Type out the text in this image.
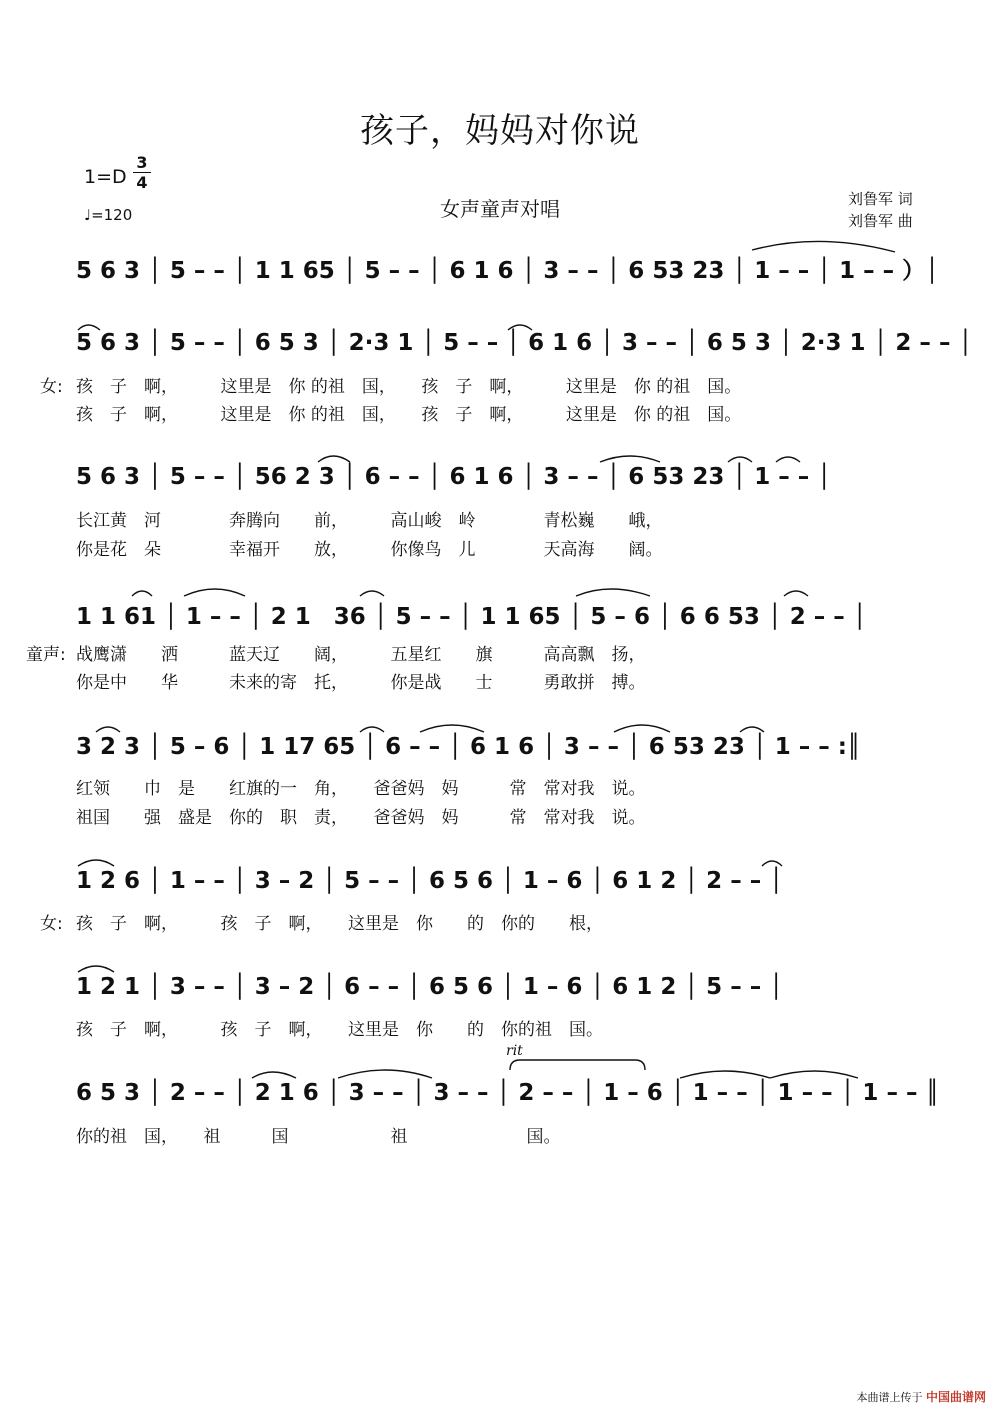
孩子，妈妈对你说
1=D
3
4
♩=120	女声童声对唱	刘鲁军 词
刘鲁军 曲
5 6 3 │ 5 – – │ 1 1 65 │ 5 – – │ 6 1 6 │ 3 – – │ 6 53 23 │ 1 – – │ 1 – – ）│
5 6 3 │ 5 – – │ 6 5 3 │ 2·3 1 │ 5 – – │ 6 1 6 │ 3 – – │ 6 5 3 │ 2·3 1 │ 2 – – │
女: 孩　子　啊，　　　这里是　你 的祖　国，　　孩　子　啊，　　　这里是　你 的祖　国。
孩　子　啊，　　　这里是　你 的祖　国，　　孩　子　啊，　　　这里是　你 的祖　国。
5 6 3 │ 5 – – │ 56 2 3 │ 6 – – │ 6 1 6 │ 3 – – │ 6 53 23 │ 1 – – │
长江黄　河　　　　奔腾向　　前，　　　高山峻　岭　　　　青松巍　　峨，
你是花　朵　　　　幸福开　　放，　　　你像鸟　儿　　　　天高海　　阔。
1 1 61 │ 1 – – │ 2 1　36 │ 5 – – │ 1 1 65 │ 5 – 6 │ 6 6 53 │ 2 – – │
童声: 战鹰潇　　洒　　　蓝天辽　　阔，　　　五星红　　旗　　　高高飘　扬，
你是中　　华　　　未来的寄　托，　　　你是战　　士　　　勇敢拼　搏。
3 2 3 │ 5 – 6 │ 1 17 65 │ 6 – – │ 6 1 6 │ 3 – – │ 6 53 23 │ 1 – – :║
红领　　巾　是　　红旗的一　角，　　爸爸妈　妈　　　常　常对我　说。
祖国　　强　盛是　你的　职　责，　　爸爸妈　妈　　　常　常对我　说。
1 2 6 │ 1 – – │ 3 – 2 │ 5 – – │ 6 5 6 │ 1 – 6 │ 6 1 2 │ 2 – – │
女: 孩　子　啊，　　　孩　子　啊，　　这里是　你　　的　你的　　根，
1 2 1 │ 3 – – │ 3 – 2 │ 6 – – │ 6 5 6 │ 1 – 6 │ 6 1 2 │ 5 – – │
孩　子　啊，　　　孩　子　啊，　　这里是　你　　的　你的祖　国。
rit
6 5 3 │ 2 – – │ 2 1 6 │ 3 – – │ 3 – – │ 2 – – │ 1 – 6 │ 1 – – │ 1 – – │ 1 – – ║
你的祖　国，　　祖　　　国　　　　　　祖　　　　　　　国。
本曲谱上传于 中国曲谱网
